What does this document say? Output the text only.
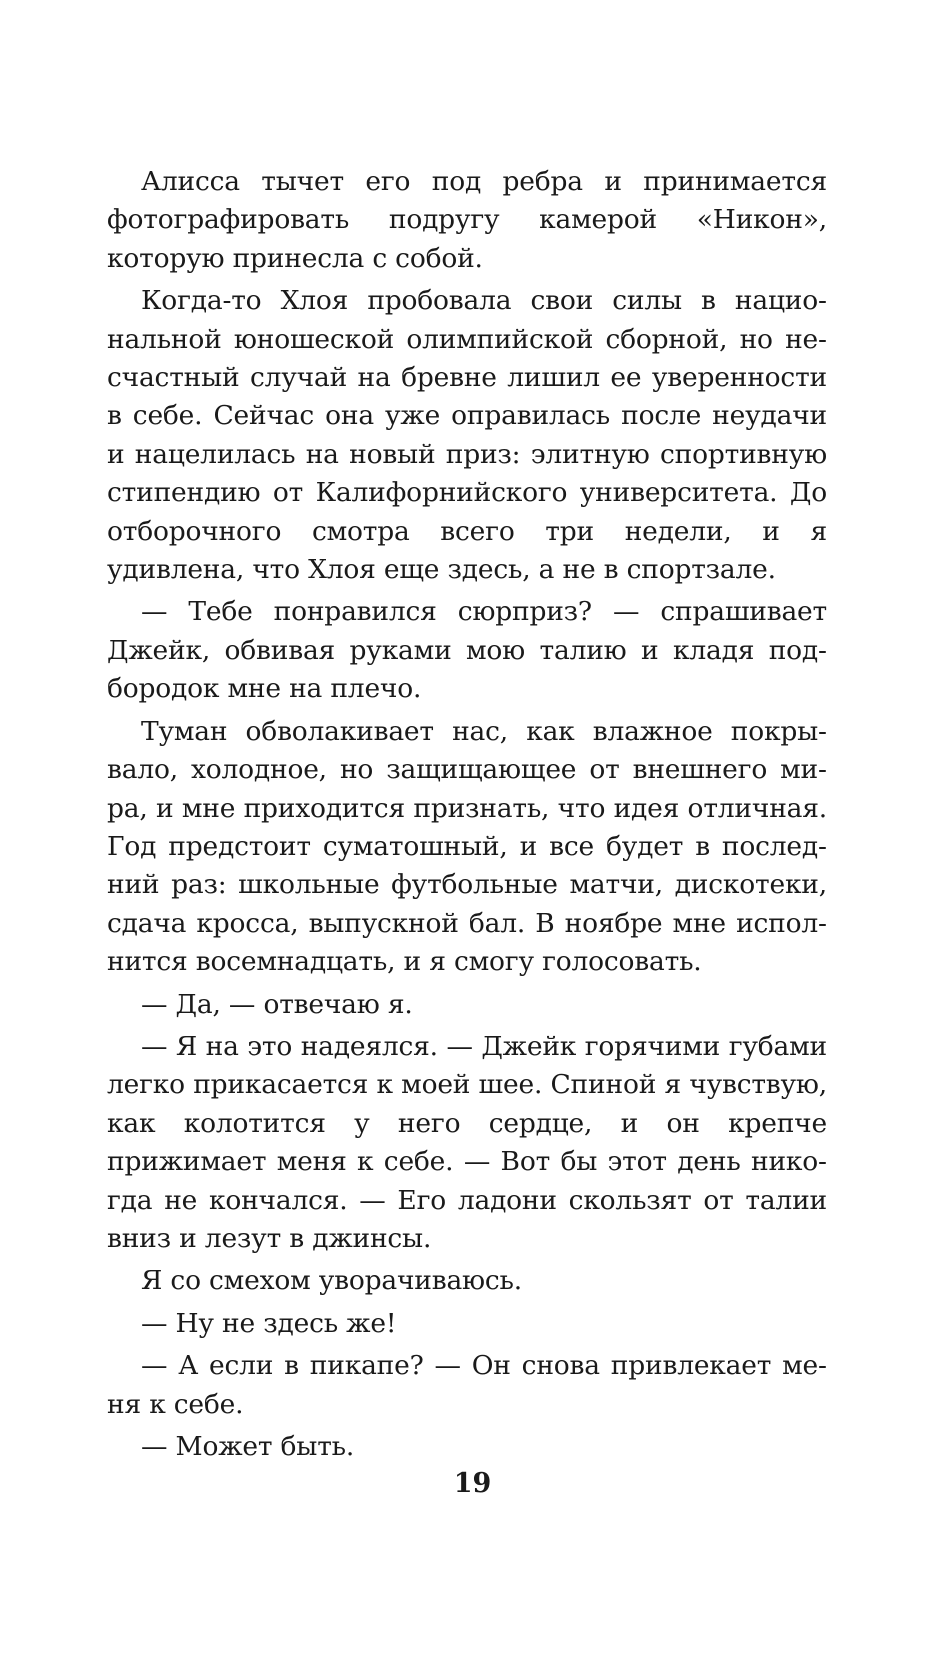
Алисса тычет его под ребра и принимается фотографировать подругу камерой «Никон», которую принесла с собой.

Когда-то Хлоя пробовала свои силы в национальной юношеской олимпийской сборной, но несчастный случай на бревне лишил ее уверенности в себе. Сейчас она уже оправилась после неудачи и нацелилась на новый приз: элитную спортивную стипендию от Калифорнийского университета. До отборочного смотра всего три недели, и я удивлена, что Хлоя еще здесь, а не в спортзале.

— Тебе понравился сюрприз? — спрашивает Джейк, обвивая руками мою талию и кладя подбородок мне на плечо.

Туман обволакивает нас, как влажное покрывало, холодное, но защищающее от внешнего мира, и мне приходится признать, что идея отличная. Год предстоит суматошный, и все будет в последний раз: школьные футбольные матчи, дискотеки, сдача кросса, выпускной бал. В ноябре мне исполнится восемнадцать, и я смогу голосовать.

— Да, — отвечаю я.

— Я на это надеялся. — Джейк горячими губами легко прикасается к моей шее. Спиной я чувствую, как колотится у него сердце, и он крепче прижимает меня к себе. — Вот бы этот день никогда не кончался. — Его ладони скользят от талии вниз и лезут в джинсы.

Я со смехом уворачиваюсь.

— Ну не здесь же!

— А если в пикапе? — Он снова привлекает меня к себе.

— Может быть.

19
